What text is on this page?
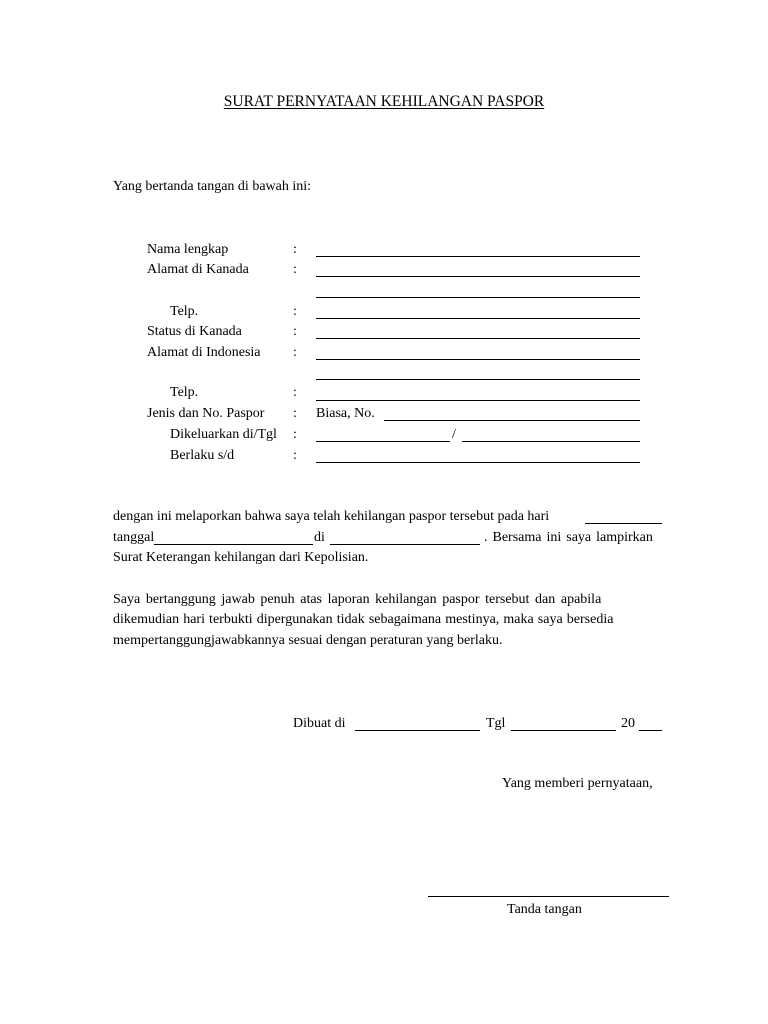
SURAT PERNYATAAN KEHILANGAN PASPOR
Yang bertanda tangan di bawah ini:
Nama lengkap	:
Alamat di Kanada	:
Telp.	:
Status di Kanada	:
Alamat di Indonesia :
Telp.	:
Jenis dan No. Paspor : Biasa, No.
Dikeluarkan di/Tgl :	/
Berlaku s/d	:
dengan ini melaporkan bahwa saya telah kehilangan paspor tersebut pada hari
tanggal	di	. Bersama ini saya lampirkan
Surat Keterangan kehilangan dari Kepolisian.
Saya bertanggung jawab penuh atas laporan kehilangan paspor tersebut dan apabila
dikemudian hari terbukti dipergunakan tidak sebagaimana mestinya, maka saya bersedia
mempertanggungjawabkannya sesuai dengan peraturan yang berlaku.
Dibuat di	Tgl	20
Yang memberi pernyataan,
Tanda tangan
